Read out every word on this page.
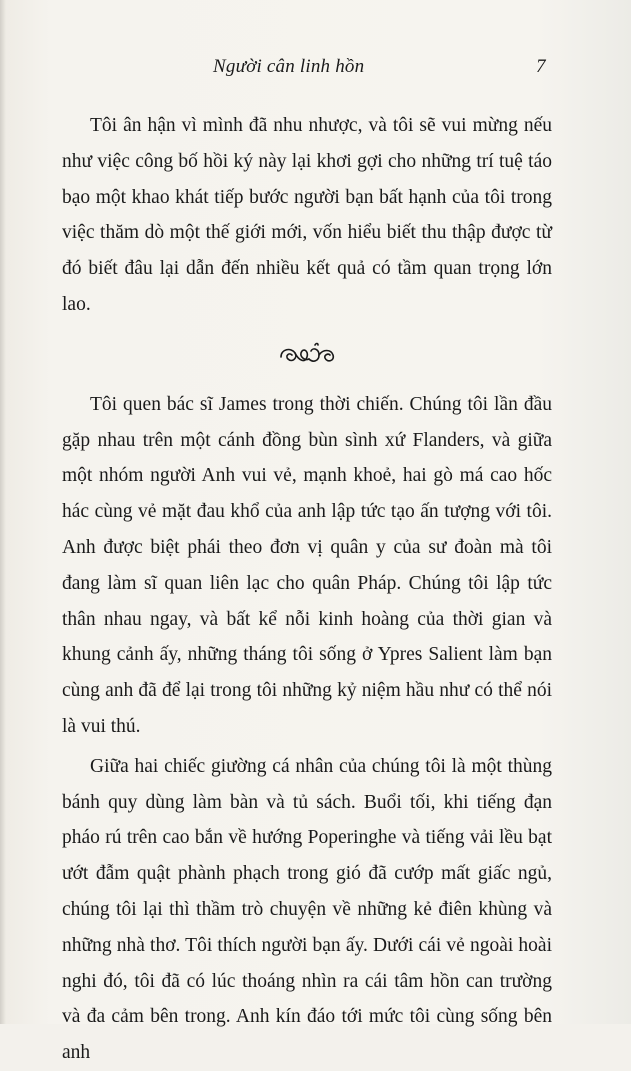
Người cân linh hồn	7

Tôi ân hận vì mình đã nhu nhược, và tôi sẽ vui mừng nếu như việc công bố hồi ký này lại khơi gợi cho những trí tuệ táo bạo một khao khát tiếp bước người bạn bất hạnh của tôi trong việc thăm dò một thế giới mới, vốn hiểu biết thu thập được từ đó biết đâu lại dẫn đến nhiều kết quả có tầm quan trọng lớn lao.

Tôi quen bác sĩ James trong thời chiến. Chúng tôi lần đầu gặp nhau trên một cánh đồng bùn sình xứ Flanders, và giữa một nhóm người Anh vui vẻ, mạnh khoẻ, hai gò má cao hốc hác cùng vẻ mặt đau khổ của anh lập tức tạo ấn tượng với tôi. Anh được biệt phái theo đơn vị quân y của sư đoàn mà tôi đang làm sĩ quan liên lạc cho quân Pháp. Chúng tôi lập tức thân nhau ngay, và bất kể nỗi kinh hoàng của thời gian và khung cảnh ấy, những tháng tôi sống ở Ypres Salient làm bạn cùng anh đã để lại trong tôi những kỷ niệm hầu như có thể nói là vui thú.

Giữa hai chiếc giường cá nhân của chúng tôi là một thùng bánh quy dùng làm bàn và tủ sách. Buổi tối, khi tiếng đạn pháo rú trên cao bắn về hướng Poperinghe và tiếng vải lều bạt ướt đẫm quật phành phạch trong gió đã cướp mất giấc ngủ, chúng tôi lại thì thầm trò chuyện về những kẻ điên khùng và những nhà thơ. Tôi thích người bạn ấy. Dưới cái vẻ ngoài hoài nghi đó, tôi đã có lúc thoáng nhìn ra cái tâm hồn can trường và đa cảm bên trong. Anh kín đáo tới mức tôi cùng sống bên anh
